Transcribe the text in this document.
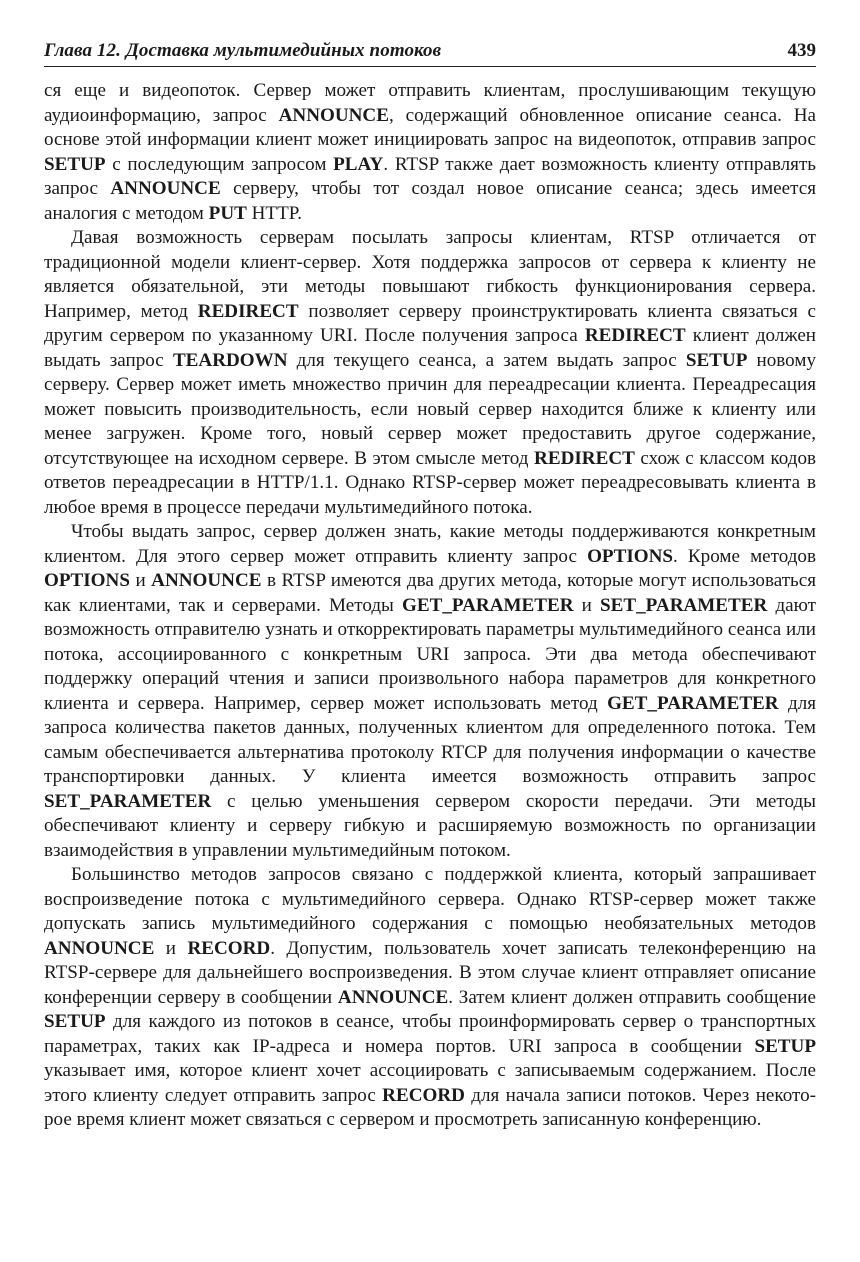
Глава 12. Доставка мультимедийных потоков	439

ся еще и видеопоток. Сервер может отправить клиентам, прослушивающим текущую аудиоинформацию, запрос ANNOUNCE, содержащий обновленное описание сеанса. На основе этой информации клиент может инициировать запрос на видеопоток, отправив запрос SETUP с последующим запросом PLAY. RTSP также дает возможность клиенту отправлять запрос ANNOUNCE серверу, чтобы тот создал новое описание сеанса; здесь имеется аналогия с методом PUT HTTP.

Давая возможность серверам посылать запросы клиентам, RTSP отличается от традиционной модели клиент-сервер. Хотя поддержка запросов от сервера к клиенту не является обязательной, эти методы повышают гибкость функционирования сервера. Например, метод REDIRECT позволяет серверу проинструктировать клиента связаться с другим сервером по указанному URI. После получения запроса REDIRECT клиент должен выдать запрос TEARDOWN для текущего сеанса, а затем выдать запрос SETUP новому серверу. Сервер может иметь множество причин для переадресации клиента. Переадресация может повысить производительность, если новый сервер находится ближе к клиенту или менее загружен. Кроме того, новый сервер может предоставить другое содержание, отсутствующее на исходном сервере. В этом смысле метод REDIRECT схож с классом кодов ответов переадресации в HTTP/1.1. Однако RTSP-сервер может переадресовывать клиента в любое время в процессе передачи мультимедийного потока.

Чтобы выдать запрос, сервер должен знать, какие методы поддерживаются конкретным клиентом. Для этого сервер может отправить клиенту запрос OPTIONS. Кроме методов OPTIONS и ANNOUNCE в RTSP имеются два других метода, которые могут использоваться как клиентами, так и серверами. Методы GET_PARAMETER и SET_PARAMETER дают возможность отправителю узнать и откорректировать параметры мультимедийного сеанса или потока, ассоциированного с конкретным URI запроса. Эти два метода обеспечивают поддержку операций чтения и записи произвольного набора параметров для конкретного клиента и сервера. Например, сервер может использовать метод GET_PARAMETER для запроса количества пакетов данных, полученных клиентом для определенного потока. Тем самым обеспечивается альтернатива протоколу RTCP для получения информации о качестве транспортировки данных. У клиента имеется возможность отправить запрос SET_PARAMETER с целью уменьшения сервером скорости передачи. Эти методы обеспечивают клиенту и серверу гибкую и расширяемую возможность по организации взаимодействия в управлении мультимедийным потоком.

Большинство методов запросов связано с поддержкой клиента, который запрашивает воспроизведение потока с мультимедийного сервера. Однако RTSP-сервер может также допускать запись мультимедийного содержания с помощью необязательных методов ANNOUNCE и RECORD. Допустим, пользователь хочет записать телеконференцию на RTSP-сервере для дальнейшего воспроизведения. В этом случае клиент отправляет описание конференции серверу в сообщении ANNOUNCE. Затем клиент должен отправить сообщение SETUP для каждого из потоков в сеансе, чтобы проинформировать сервер о транспортных параметрах, таких как IP-адреса и номера портов. URI запроса в сообщении SETUP указывает имя, которое клиент хочет ассоциировать с записываемым содержанием. После этого клиенту следует отправить запрос RECORD для начала записи потоков. Через некоторое время клиент может связаться с сервером и просмотреть записанную конференцию.
